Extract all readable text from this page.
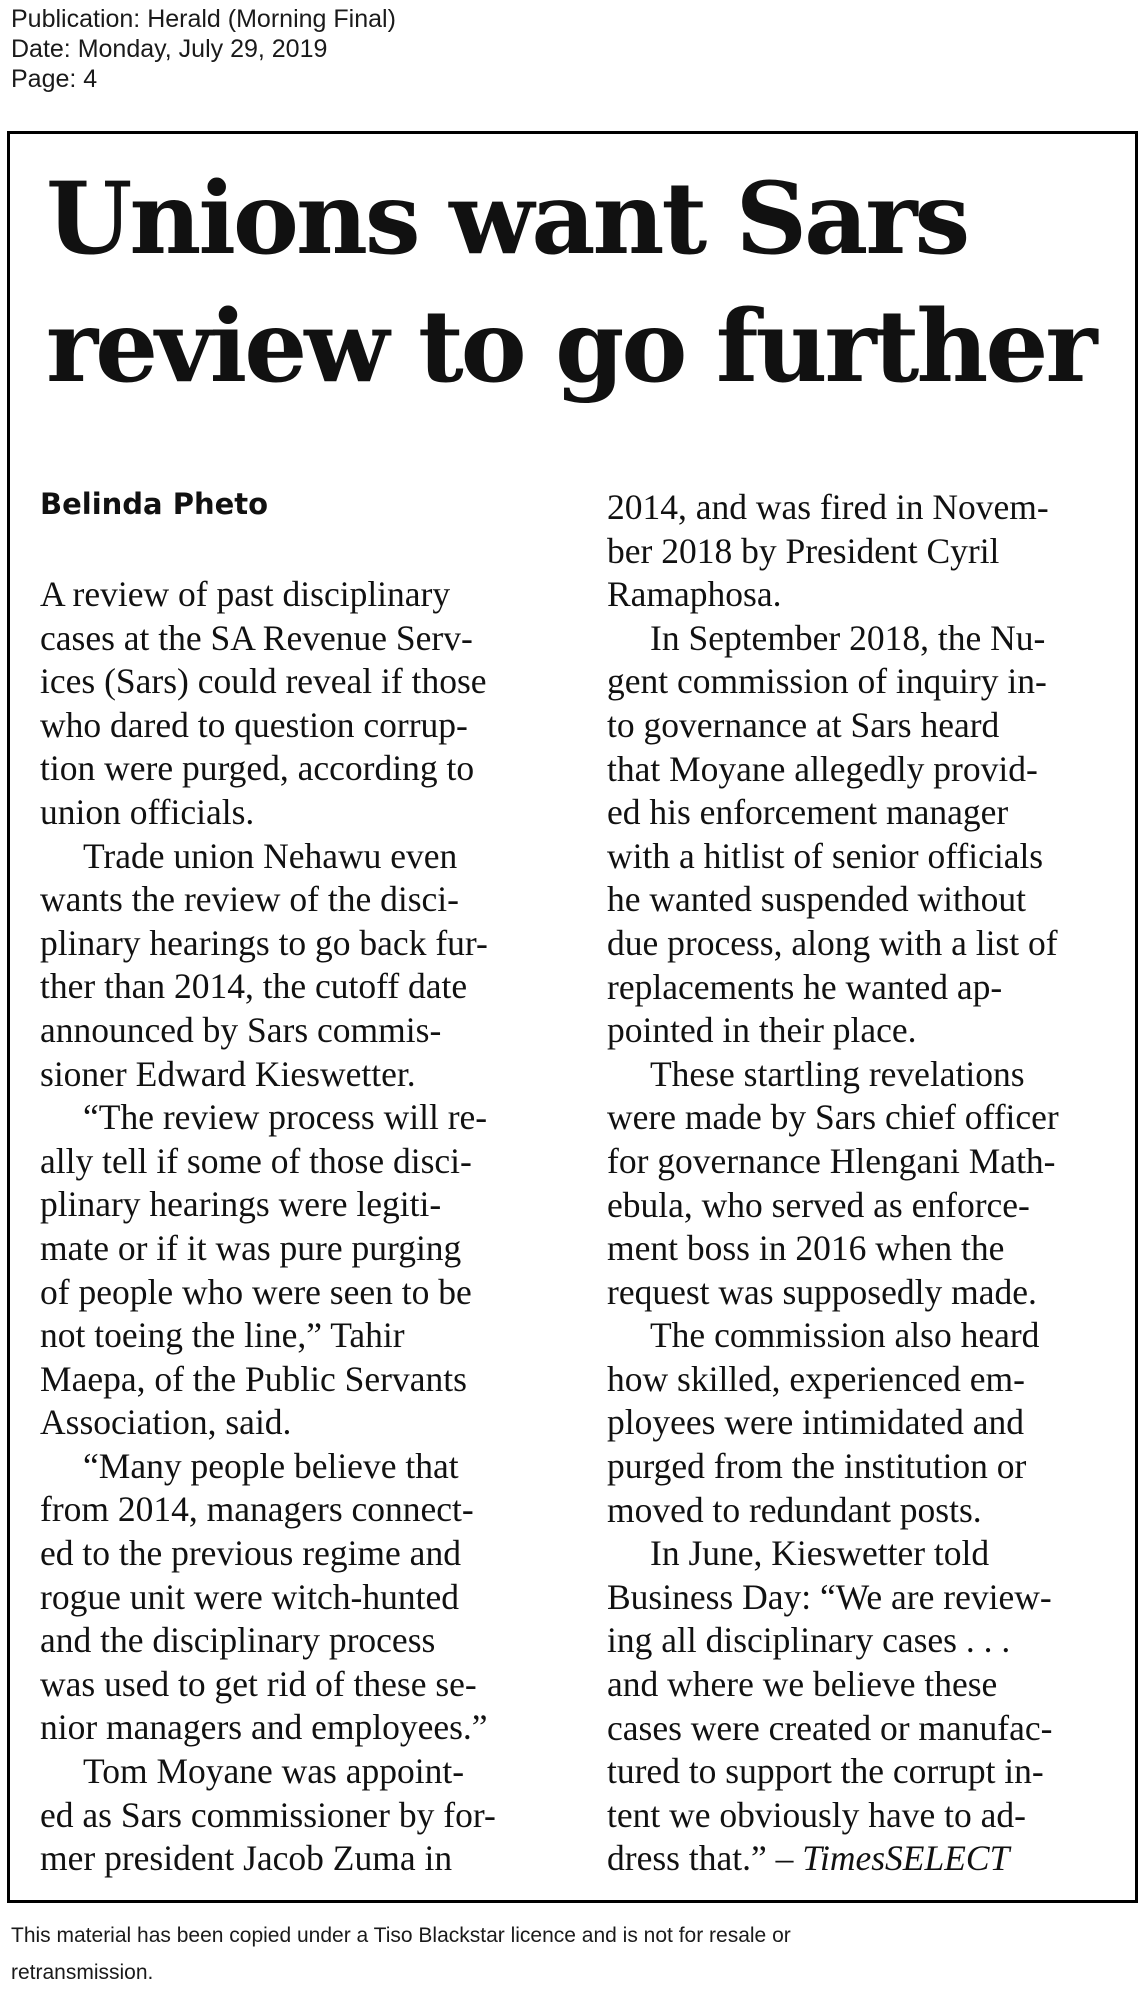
Publication: Herald (Morning Final)
Date: Monday, July 29, 2019
Page: 4
Unions want Sars
review to go further
Belinda Pheto
A review of past disciplinary
cases at the SA Revenue Serv-
ices (Sars) could reveal if those
who dared to question corrup-
tion were purged, according to
union officials.
Trade union Nehawu even
wants the review of the disci-
plinary hearings to go back fur-
ther than 2014, the cutoff date
announced by Sars commis-
sioner Edward Kieswetter.
“The review process will re-
ally tell if some of those disci-
plinary hearings were legiti-
mate or if it was pure purging
of people who were seen to be
not toeing the line,” Tahir
Maepa, of the Public Servants
Association, said.
“Many people believe that
from 2014, managers connect-
ed to the previous regime and
rogue unit were witch-hunted
and the disciplinary process
was used to get rid of these se-
nior managers and employees.”
Tom Moyane was appoint-
ed as Sars commissioner by for-
mer president Jacob Zuma in
2014, and was fired in Novem-
ber 2018 by President Cyril
Ramaphosa.
In September 2018, the Nu-
gent commission of inquiry in-
to governance at Sars heard
that Moyane allegedly provid-
ed his enforcement manager
with a hitlist of senior officials
he wanted suspended without
due process, along with a list of
replacements he wanted ap-
pointed in their place.
These startling revelations
were made by Sars chief officer
for governance Hlengani Math-
ebula, who served as enforce-
ment boss in 2016 when the
request was supposedly made.
The commission also heard
how skilled, experienced em-
ployees were intimidated and
purged from the institution or
moved to redundant posts.
In June, Kieswetter told
Business Day: “We are review-
ing all disciplinary cases . . .
and where we believe these
cases were created or manufac-
tured to support the corrupt in-
tent we obviously have to ad-
dress that.” – TimesSELECT
This material has been copied under a Tiso Blackstar licence and is not for resale or
retransmission.
